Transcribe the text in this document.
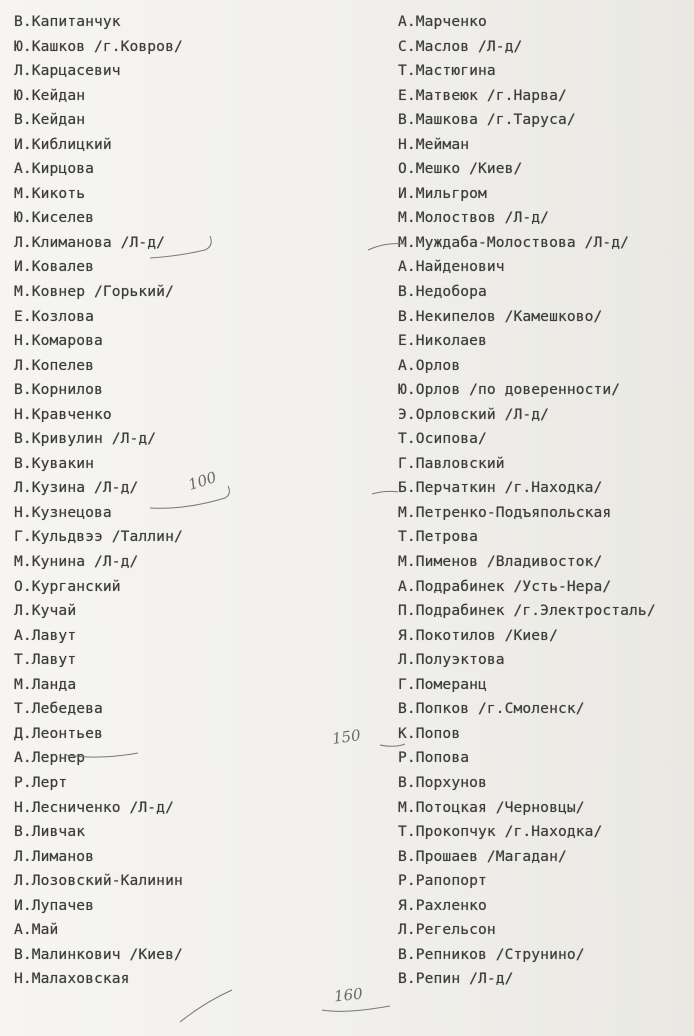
В.Капитанчук
Ю.Кашков /г.Ковров/
Л.Карцасевич
Ю.Кейдан
В.Кейдан
И.Киблицкий
А.Кирцова
М.Кикоть
Ю.Киселев
Л.Климанова /Л-д/
И.Ковалев
М.Ковнер /Горький/
Е.Козлова
Н.Комарова
Л.Копелев
В.Корнилов
Н.Кравченко
В.Кривулин /Л-д/
В.Кувакин
Л.Кузина /Л-д/
Н.Кузнецова
Г.Кульдвээ /Таллин/
М.Кунина /Л-д/
О.Курганский
Л.Кучай
А.Лавут
Т.Лавут
М.Ланда
Т.Лебедева
Д.Леонтьев
А.Лернер
Р.Лерт
Н.Лесниченко /Л-д/
В.Ливчак
Л.Лиманов
Л.Лозовский-Калинин
И.Лупачев
А.Май
В.Малинкович /Киев/
Н.Малаховская
А.Марченко
С.Маслов /Л-д/
Т.Мастюгина
Е.Матвеюк /г.Нарва/
В.Машкова /г.Таруса/
Н.Мейман
О.Мешко /Киев/
И.Мильгром
М.Молоствов /Л-д/
М.Муждаба-Молоствова /Л-д/
А.Найденович
В.Недобора
В.Некипелов /Камешково/
Е.Николаев
А.Орлов
Ю.Орлов /по доверенности/
Э.Орловский /Л-д/
Т.Осипова/
Г.Павловский
Б.Перчаткин /г.Находка/
М.Петренко-Подъяпольская
Т.Петрова
М.Пименов /Владивосток/
А.Подрабинек /Усть-Нера/
П.Подрабинек /г.Электросталь/
Я.Покотилов /Киев/
Л.Полуэктова
Г.Померанц
В.Попков /г.Смоленск/
К.Попов
Р.Попова
В.Порхунов
М.Потоцкая /Черновцы/
Т.Прокопчук /г.Находка/
В.Прошаев /Магадан/
Р.Рапопорт
Я.Рахленко
Л.Регельсон
В.Репников /Струнино/
В.Репин /Л-д/
100
150
160
